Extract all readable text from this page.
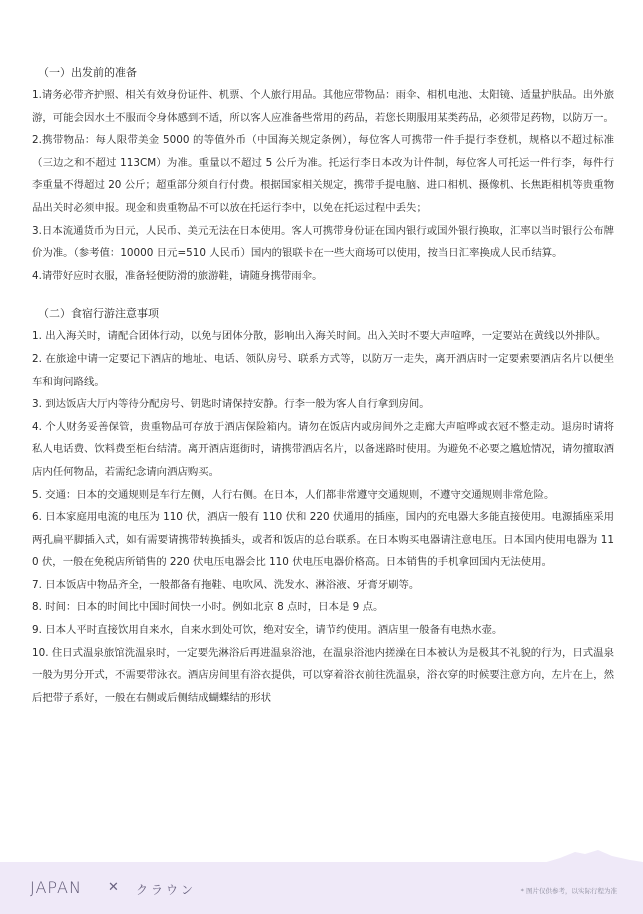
（一）出发前的准备

1.请务必带齐护照、相关有效身份证件、机票、个人旅行用品。其他应带物品：雨伞、相机电池、太阳镜、适量护肤品。出外旅游，可能会因水土不服而令身体感到不适，所以客人应准备些常用的药品，若您长期服用某类药品，必须带足药物，以防万一。

2.携带物品：每人限带美金 5000 的等值外币（中国海关规定条例），每位客人可携带一件手提行李登机，规格以不超过标准（三边之和不超过 113CM）为准。重量以不超过 5 公斤为准。托运行李日本改为计件制，每位客人可托运一件行李，每件行李重量不得超过 20 公斤；超重部分须自行付费。根据国家相关规定，携带手提电脑、进口相机、摄像机、长焦距相机等贵重物品出关时必须申报。现金和贵重物品不可以放在托运行李中，以免在托运过程中丢失；

3.日本流通货币为日元，人民币、美元无法在日本使用。客人可携带身份证在国内银行或国外银行换取，汇率以当时银行公布牌价为准。（参考值：10000 日元=510 人民币）国内的银联卡在一些大商场可以使用，按当日汇率换成人民币结算。

4.请带好应时衣服，准备轻便防滑的旅游鞋，请随身携带雨伞。

（二）食宿行游注意事项

1. 出入海关时，请配合团体行动，以免与团体分散，影响出入海关时间。出入关时不要大声喧哗，一定要站在黄线以外排队。

2. 在旅途中请一定要记下酒店的地址、电话、领队房号、联系方式等，以防万一走失，离开酒店时一定要索要酒店名片以便坐车和询问路线。

3. 到达饭店大厅内等待分配房号、钥匙时请保持安静。行李一般为客人自行拿到房间。

4. 个人财务妥善保管，贵重物品可存放于酒店保险箱内。请勿在饭店内或房间外之走廊大声喧哗或衣冠不整走动。退房时请将私人电话费、饮料费至柜台结清。离开酒店逛街时，请携带酒店名片，以备迷路时使用。为避免不必要之尴尬情况，请勿擅取酒店内任何物品，若需纪念请向酒店购买。

5. 交通：日本的交通规则是车行左侧，人行右侧。在日本，人们都非常遵守交通规则，不遵守交通规则非常危险。

6. 日本家庭用电流的电压为 110 伏，酒店一般有 110 伏和 220 伏通用的插座，国内的充电器大多能直接使用。电源插座采用两孔扁平脚插入式，如有需要请携带转换插头，或者和饭店的总台联系。在日本购买电器请注意电压。日本国内使用电器为 110 伏，一般在免税店所销售的 220 伏电压电器会比 110 伏电压电器价格高。日本销售的手机拿回国内无法使用。

7. 日本饭店中物品齐全，一般都备有拖鞋、电吹风、洗发水、淋浴液、牙膏牙刷等。

8. 时间：日本的时间比中国时间快一小时。例如北京 8 点时，日本是 9 点。

9. 日本人平时直接饮用自来水，自来水到处可饮，绝对安全，请节约使用。酒店里一般备有电热水壶。

10. 住日式温泉旅馆洗温泉时，一定要先淋浴后再进温泉浴池，在温泉浴池内搓澡在日本被认为是极其不礼貌的行为，日式温泉一般为男分开式，不需要带泳衣。酒店房间里有浴衣提供，可以穿着浴衣前往洗温泉，浴衣穿的时候要注意方向，左片在上，然后把带子系好，一般在右侧或后侧结成蝴蝶结的形状

JAPAN ✕ クラウン	* 图片仅供参考，以实际行程为准
